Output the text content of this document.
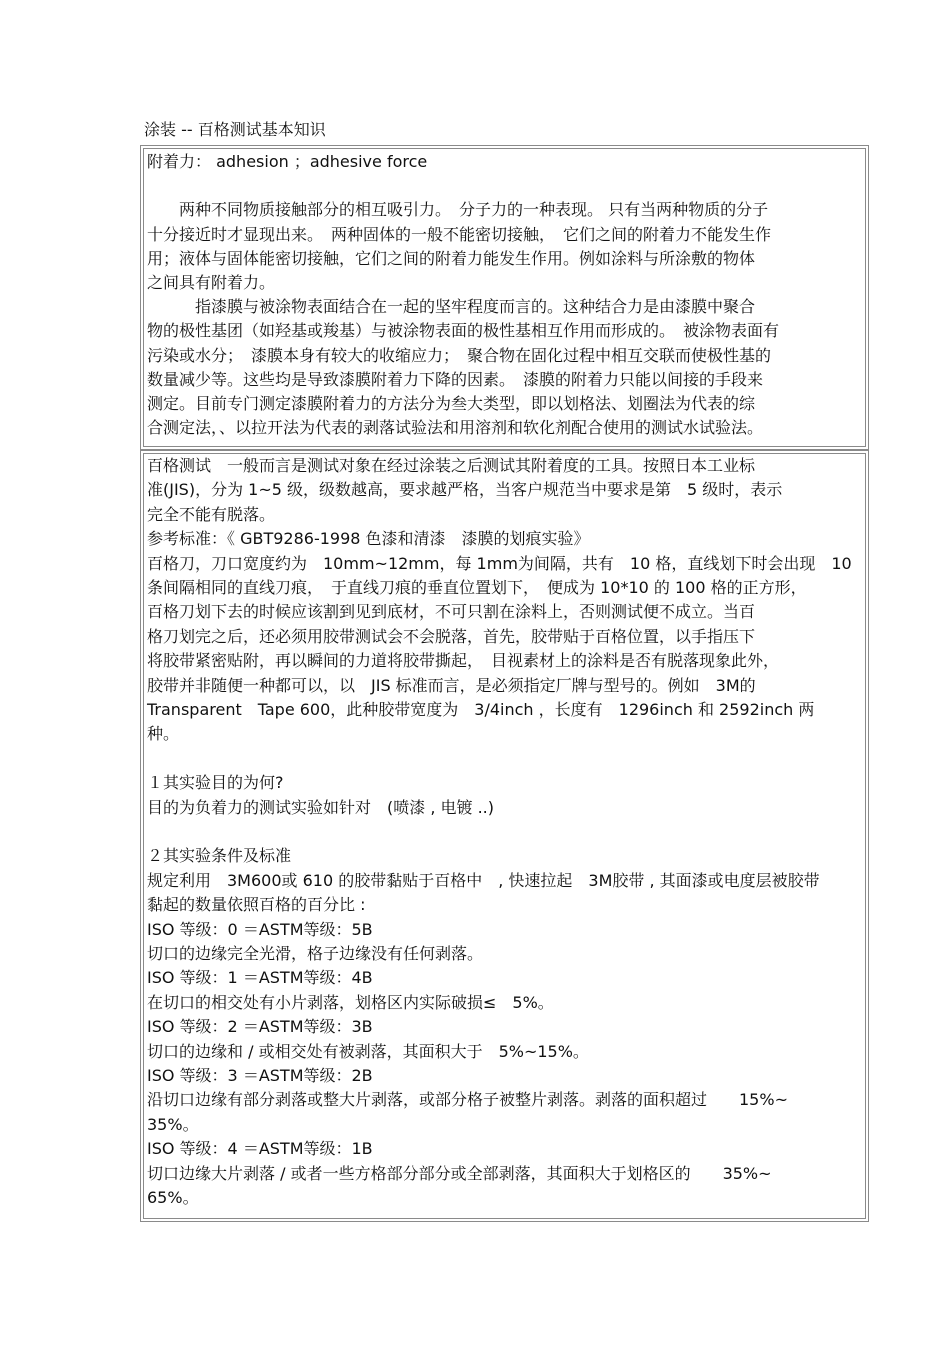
涂装 -- 百格测试基本知识
附着力： adhesion ；adhesive force
　　两种不同物质接触部分的相互吸引力。　分子力的一种表现。 只有当两种物质的分子
十分接近时才显现出来。　两种固体的一般不能密切接触，　它们之间的附着力不能发生作
用；液体与固体能密切接触，它们之间的附着力能发生作用。例如涂料与所涂敷的物体
之间具有附着力。
　　　指漆膜与被涂物表面结合在一起的坚牢程度而言的。这种结合力是由漆膜中聚合
物的极性基团（如羟基或羧基）与被涂物表面的极性基相互作用而形成的。　被涂物表面有
污染或水分；　漆膜本身有较大的收缩应力；　聚合物在固化过程中相互交联而使极性基的
数量减少等。这些均是导致漆膜附着力下降的因素。　漆膜的附着力只能以间接的手段来
测定。目前专门测定漆膜附着力的方法分为叁大类型，即以划格法、划圈法为代表的综
合测定法，、以拉开法为代表的剥落试验法和用溶剂和软化剂配合使用的测试水试验法。
百格测试　一般而言是测试对象在经过涂装之后测试其附着度的工具。按照日本工业标
准(JIS)，分为 1~5 级，级数越高，要求越严格，当客户规范当中要求是第　5 级时，表示
完全不能有脱落。
参考标准：《 GBT9286-1998 色漆和清漆　漆膜的划痕实验》
百格刀，刀口宽度约为　10mm~12mm，每 1mm为间隔，共有　10 格，直线划下时会出现　10
条间隔相同的直线刀痕，　于直线刀痕的垂直位置划下，　便成为 10*10 的 100 格的正方形，
百格刀划下去的时候应该割到见到底材，不可只割在涂料上，否则测试便不成立。当百
格刀划完之后，还必须用胶带测试会不会脱落，首先，胶带贴于百格位置，以手指压下
将胶带紧密贴附，再以瞬间的力道将胶带撕起，　目视素材上的涂料是否有脱落现象此外，
胶带并非随便一种都可以，以　JIS 标准而言，是必须指定厂牌与型号的。例如　3M的
Transparent　Tape 600，此种胶带宽度为　3/4inch ，长度有　1296inch 和 2592inch 两
种。
１其实验目的为何?
目的为负着力的测试实验如针对　(喷漆 , 电镀 ..)
２其实验条件及标准
规定利用　3M600或 610 的胶带黏贴于百格中　, 快速拉起　3M胶带 , 其面漆或电度层被胶带
黏起的数量依照百格的百分比 :
ISO 等级：0 ＝ASTM等级：5B
切口的边缘完全光滑，格子边缘没有任何剥落。
ISO 等级：1 ＝ASTM等级：4B
在切口的相交处有小片剥落，划格区内实际破损≤　5%。
ISO 等级：2 ＝ASTM等级：3B
切口的边缘和 / 或相交处有被剥落，其面积大于　5%~15%。
ISO 等级：3 ＝ASTM等级：2B
沿切口边缘有部分剥落或整大片剥落，或部分格子被整片剥落。剥落的面积超过　　15%~
35%。
ISO 等级：4 ＝ASTM等级：1B
切口边缘大片剥落 / 或者一些方格部分部分或全部剥落，其面积大于划格区的　　35%~
65%。
